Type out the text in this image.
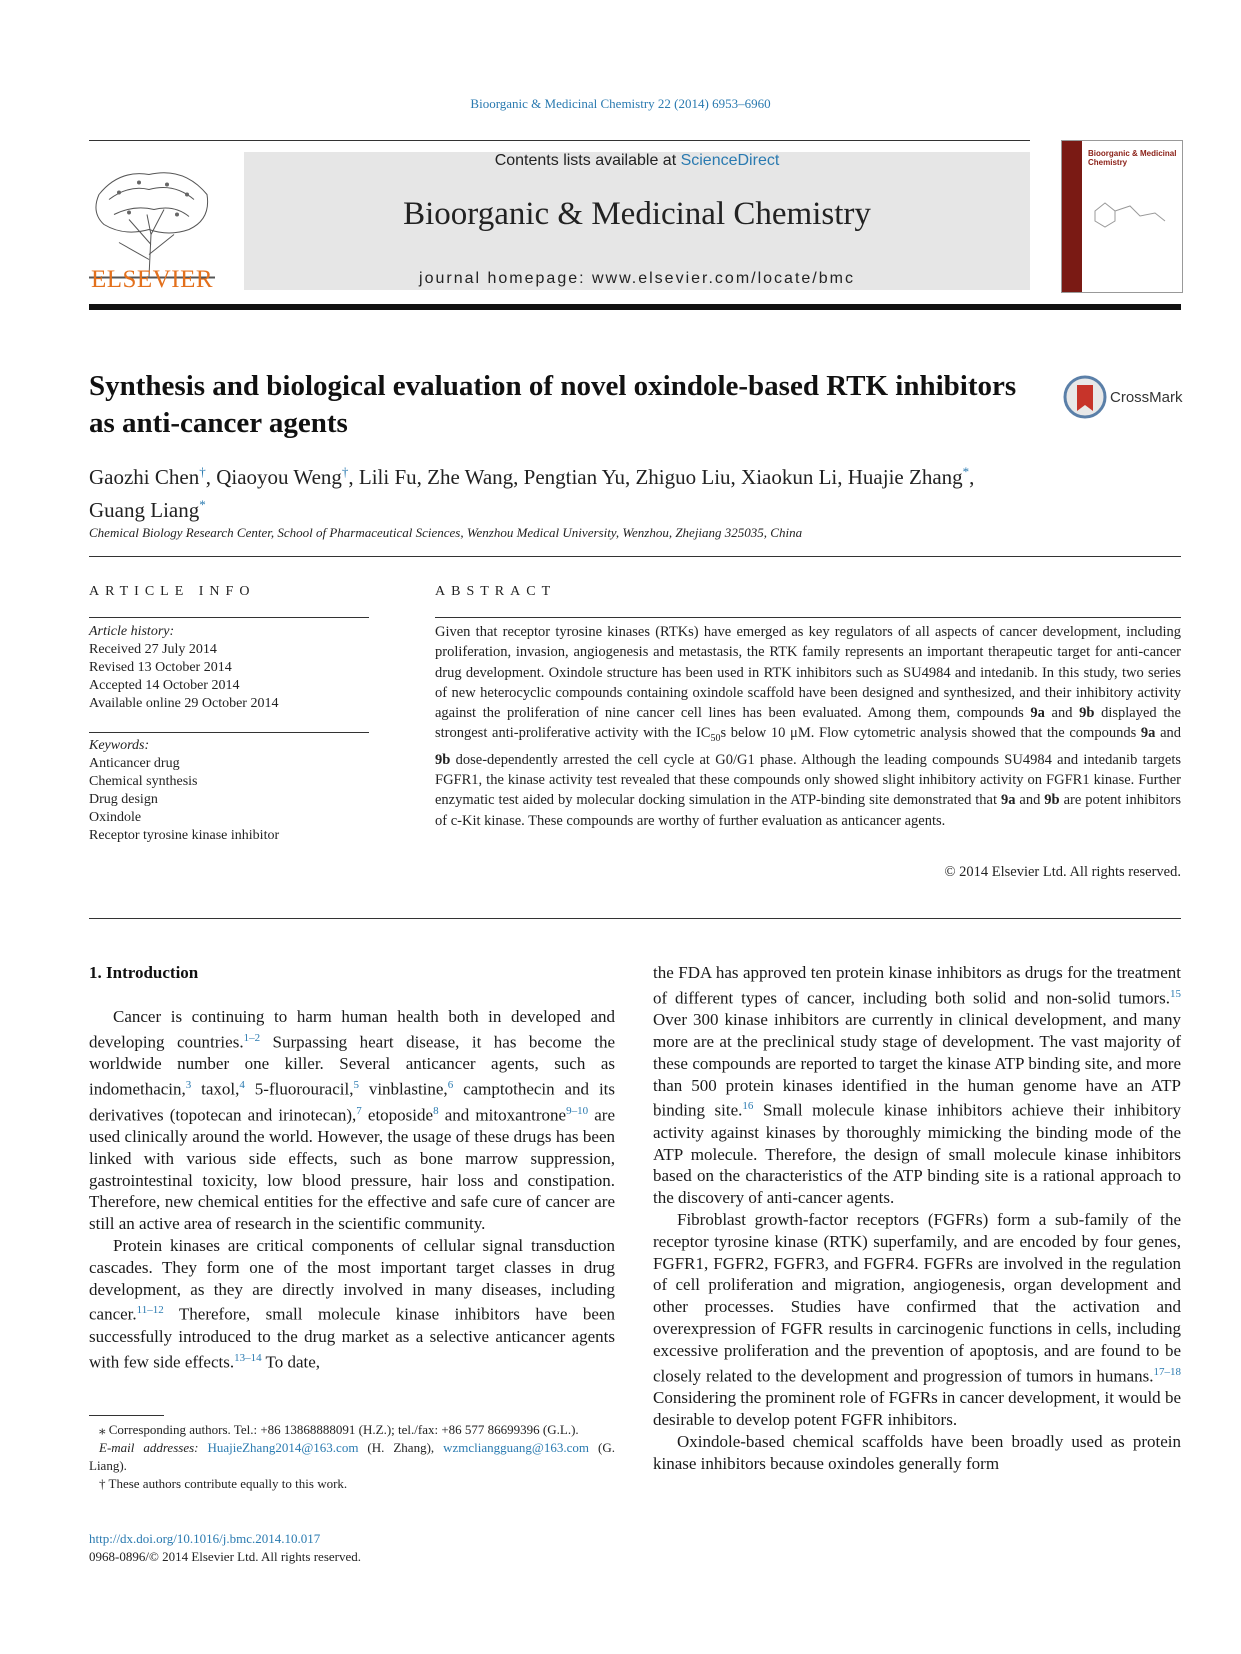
Bioorganic & Medicinal Chemistry 22 (2014) 6953–6960
ELSEVIER
Contents lists available at ScienceDirect
Bioorganic & Medicinal Chemistry
journal homepage: www.elsevier.com/locate/bmc
Bioorganic & Medicinal Chemistry
Synthesis and biological evaluation of novel oxindole-based RTK inhibitors as anti-cancer agents
CrossMark
Gaozhi Chen†, Qiaoyou Weng†, Lili Fu, Zhe Wang, Pengtian Yu, Zhiguo Liu, Xiaokun Li, Huajie Zhang*,
Guang Liang*
Chemical Biology Research Center, School of Pharmaceutical Sciences, Wenzhou Medical University, Wenzhou, Zhejiang 325035, China
ARTICLE INFO
Article history:
Received 27 July 2014
Revised 13 October 2014
Accepted 14 October 2014
Available online 29 October 2014
Keywords:
Anticancer drug
Chemical synthesis
Drug design
Oxindole
Receptor tyrosine kinase inhibitor
ABSTRACT
Given that receptor tyrosine kinases (RTKs) have emerged as key regulators of all aspects of cancer development, including proliferation, invasion, angiogenesis and metastasis, the RTK family represents an important therapeutic target for anti-cancer drug development. Oxindole structure has been used in RTK inhibitors such as SU4984 and intedanib. In this study, two series of new heterocyclic compounds containing oxindole scaffold have been designed and synthesized, and their inhibitory activity against the proliferation of nine cancer cell lines has been evaluated. Among them, compounds 9a and 9b displayed the strongest anti-proliferative activity with the $IC_{50}s$ below 10 μM. Flow cytometric analysis showed that the compounds 9a and 9b dose-dependently arrested the cell cycle at G0/G1 phase. Although the leading compounds SU4984 and intedanib targets FGFR1, the kinase activity test revealed that these compounds only showed slight inhibitory activity on FGFR1 kinase. Further enzymatic test aided by molecular docking simulation in the ATP-binding site demonstrated that 9a and 9b are potent inhibitors of c-Kit kinase. These compounds are worthy of further evaluation as anticancer agents.
© 2014 Elsevier Ltd. All rights reserved.
1. Introduction

Cancer is continuing to harm human health both in developed and developing countries.$^{1-2}$ Surpassing heart disease, it has become the worldwide number one killer. Several anticancer agents, such as indomethacin,$^3$ taxol,$^4$ 5-fluorouracil,$^5$ vinblastine,$^6$ camptothecin and its derivatives (topotecan and irinotecan),$^7$ etoposide$^8$ and mitoxantrone$^{9-10}$ are used clinically around the world. However, the usage of these drugs has been linked with various side effects, such as bone marrow suppression, gastrointestinal toxicity, low blood pressure, hair loss and constipation. Therefore, new chemical entities for the effective and safe cure of cancer are still an active area of research in the scientific community.

Protein kinases are critical components of cellular signal transduction cascades. They form one of the most important target classes in drug development, as they are directly involved in many diseases, including cancer.$^{11-12}$ Therefore, small molecule kinase inhibitors have been successfully introduced to the drug market as a selective anticancer agents with few side effects.$^{13-14}$ To date,

the FDA has approved ten protein kinase inhibitors as drugs for the treatment of different types of cancer, including both solid and non-solid tumors.$^{15}$ Over 300 kinase inhibitors are currently in clinical development, and many more are at the preclinical study stage of development. The vast majority of these compounds are reported to target the kinase ATP binding site, and more than 500 protein kinases identified in the human genome have an ATP binding site.$^{16}$ Small molecule kinase inhibitors achieve their inhibitory activity against kinases by thoroughly mimicking the binding mode of the ATP molecule. Therefore, the design of small molecule kinase inhibitors based on the characteristics of the ATP binding site is a rational approach to the discovery of anti-cancer agents.

Fibroblast growth-factor receptors (FGFRs) form a sub-family of the receptor tyrosine kinase (RTK) superfamily, and are encoded by four genes, FGFR1, FGFR2, FGFR3, and FGFR4. FGFRs are involved in the regulation of cell proliferation and migration, angiogenesis, organ development and other processes. Studies have confirmed that the activation and overexpression of FGFR results in carcinogenic functions in cells, including excessive proliferation and the prevention of apoptosis, and are found to be closely related to the development and progression of tumors in humans.$^{17-18}$ Considering the prominent role of FGFRs in cancer development, it would be desirable to develop potent FGFR inhibitors.

Oxindole-based chemical scaffolds have been broadly used as protein kinase inhibitors because oxindoles generally form

⁎ Corresponding authors. Tel.: +86 13868888091 (H.Z.); tel./fax: +86 577 86699396 (G.L.).
E-mail addresses: HuajieZhang2014@163.com (H. Zhang), wzmcliangguang@163.com (G. Liang).
† These authors contribute equally to this work.
http://dx.doi.org/10.1016/j.bmc.2014.10.017
0968-0896/© 2014 Elsevier Ltd. All rights reserved.
